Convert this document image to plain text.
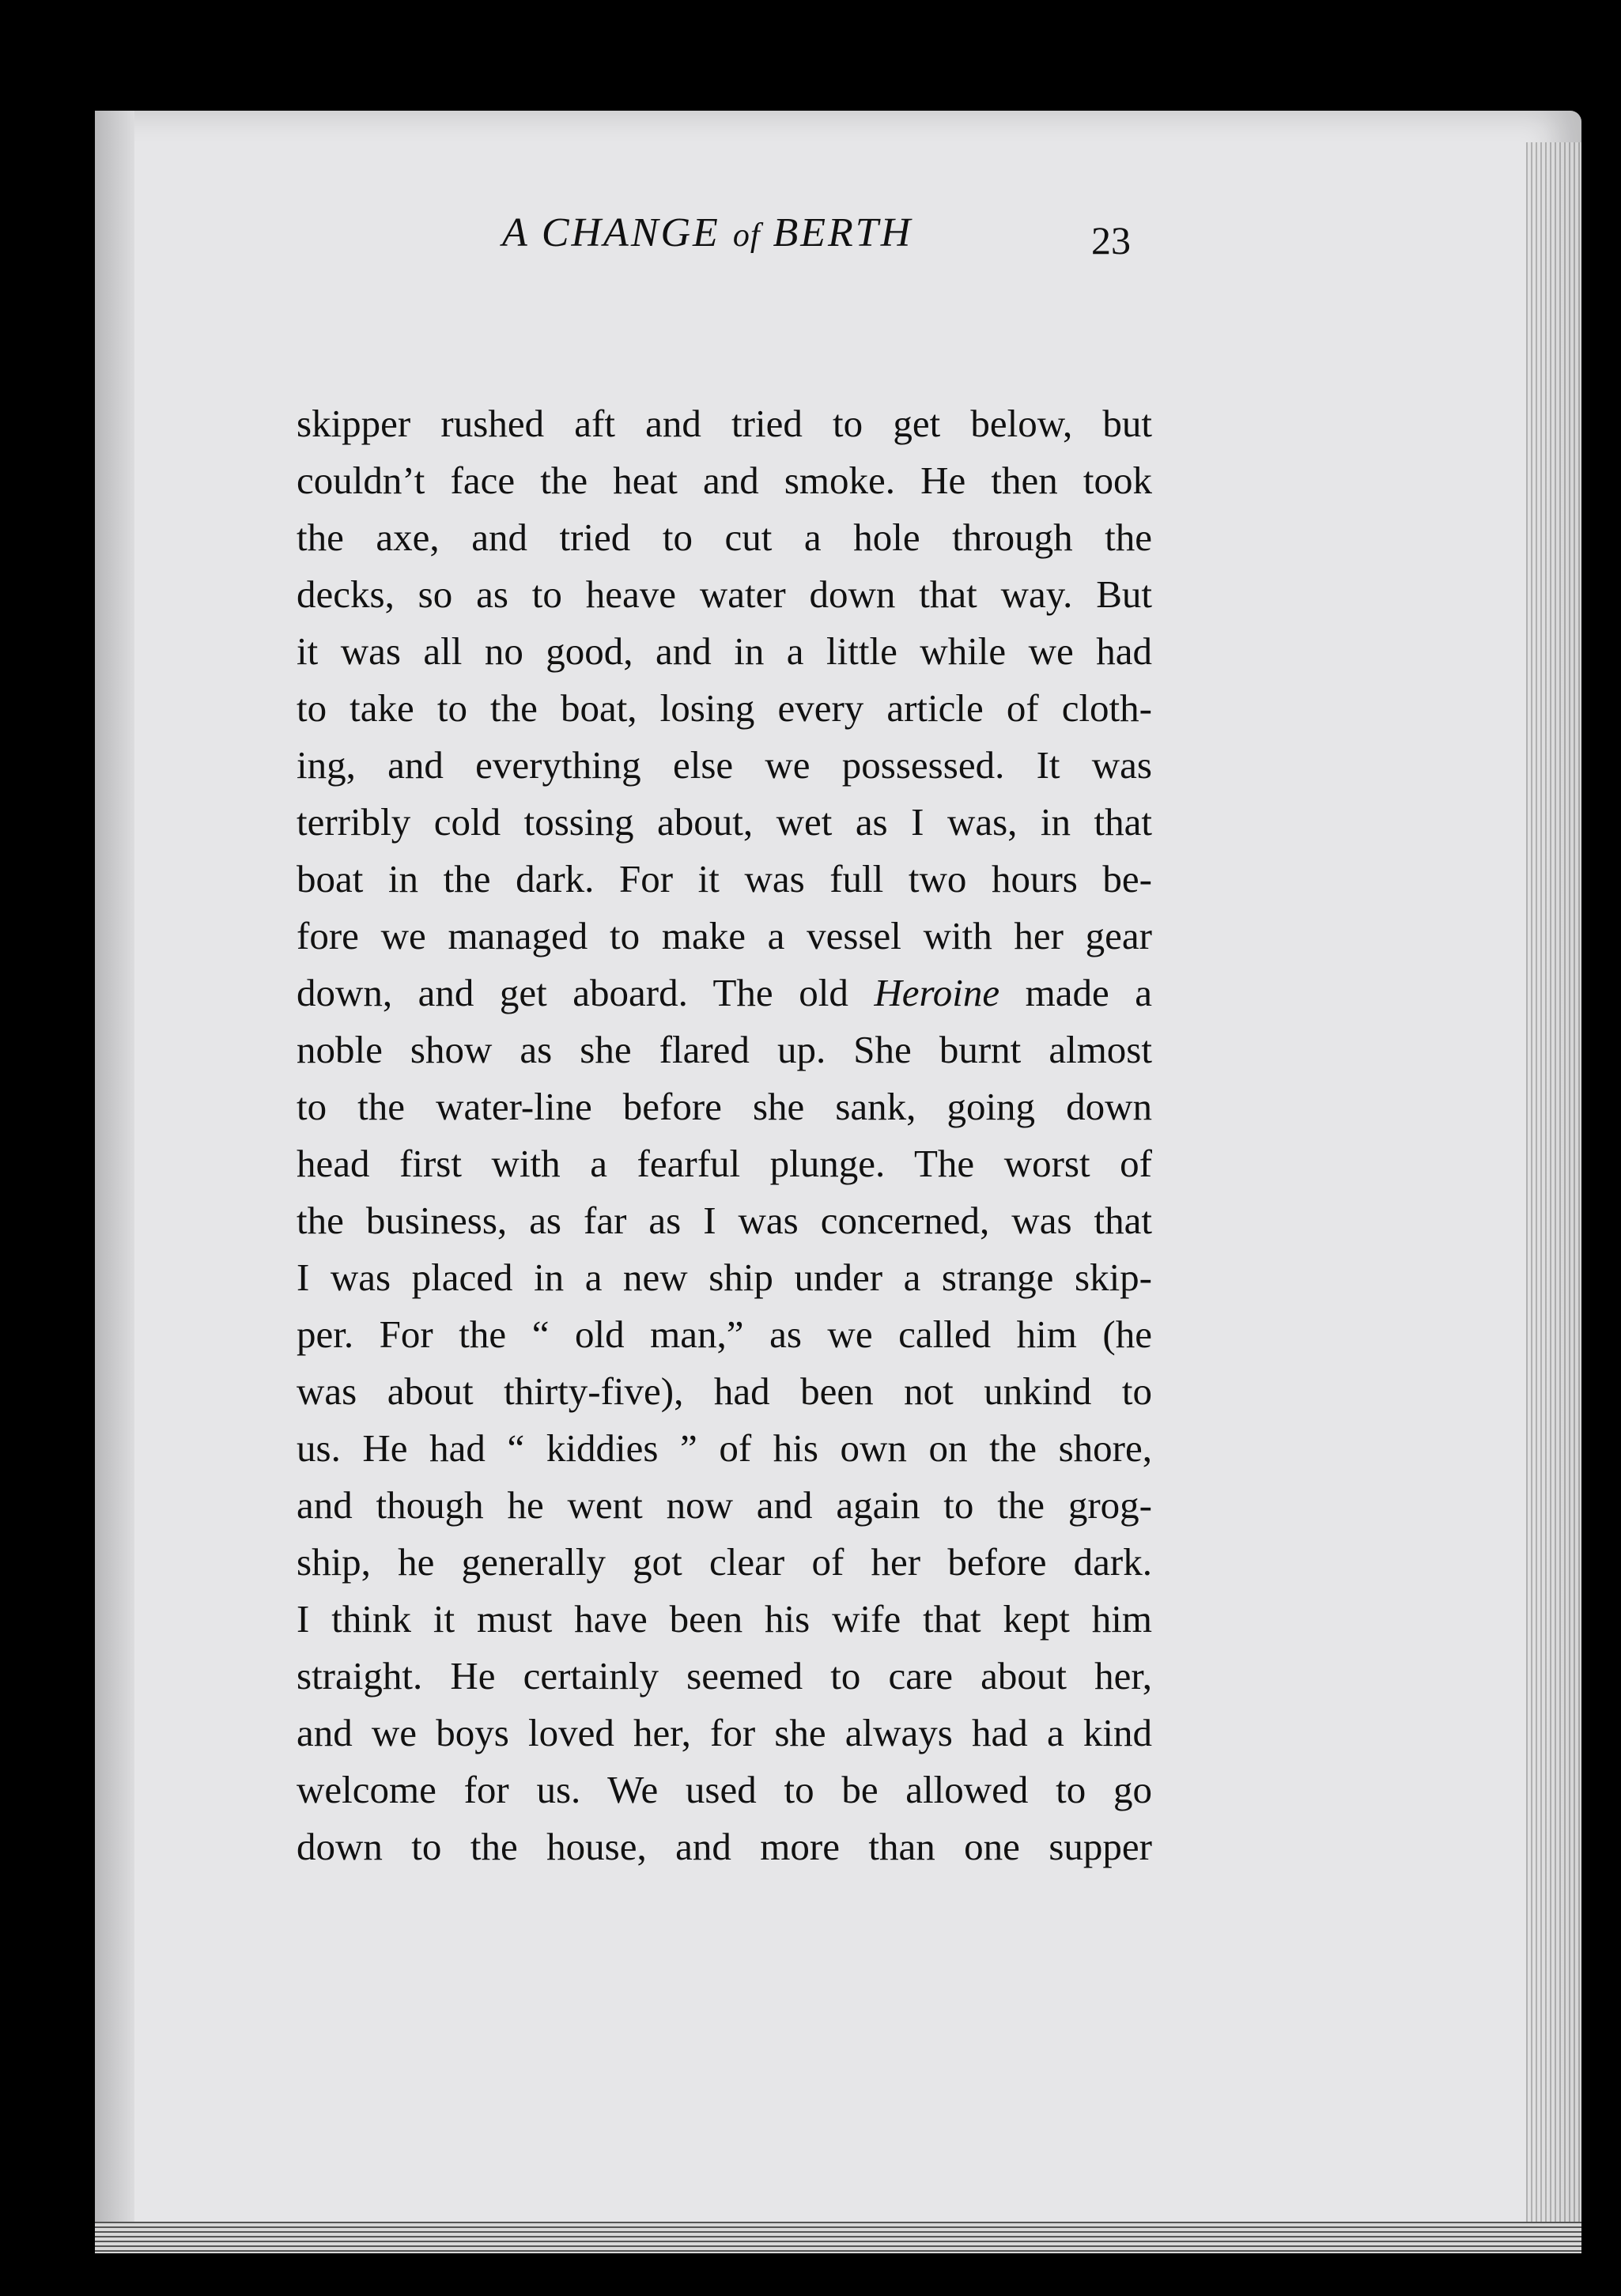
A CHANGE of BERTH	23
skipper rushed aft and tried to get below, but
couldn’t face the heat and smoke. He then took
the axe, and tried to cut a hole through the
decks, so as to heave water down that way. But
it was all no good, and in a little while we had
to take to the boat, losing every article of cloth-
ing, and everything else we possessed. It was
terribly cold tossing about, wet as I was, in that
boat in the dark. For it was full two hours be-
fore we managed to make a vessel with her gear
down, and get aboard. The old Heroine made a
noble show as she flared up. She burnt almost
to the water-line before she sank, going down
head first with a fearful plunge. The worst of
the business, as far as I was concerned, was that
I was placed in a new ship under a strange skip-
per. For the “ old man,” as we called him (he
was about thirty-five), had been not unkind to
us. He had “ kiddies ” of his own on the shore,
and though he went now and again to the grog-
ship, he generally got clear of her before dark.
I think it must have been his wife that kept him
straight. He certainly seemed to care about her,
and we boys loved her, for she always had a kind
welcome for us. We used to be allowed to go
down to the house, and more than one supper
